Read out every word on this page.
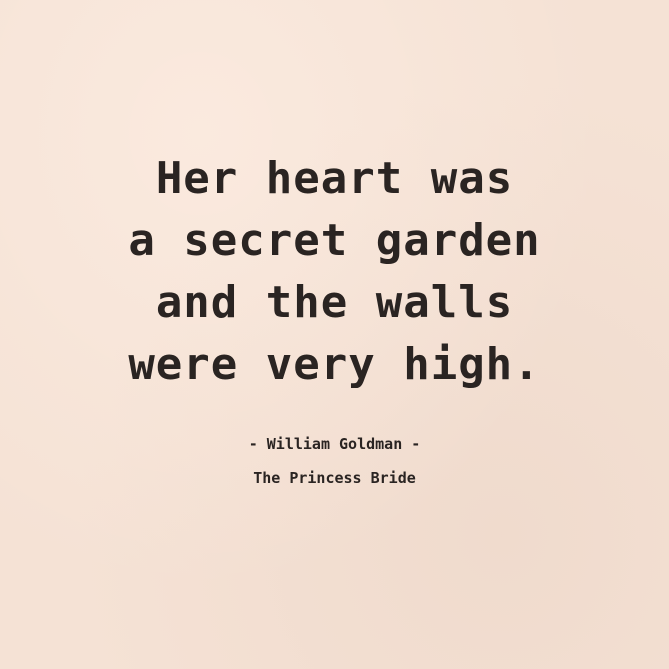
Her heart was
a secret garden
and the walls
were very high.

- William Goldman -
The Princess Bride
